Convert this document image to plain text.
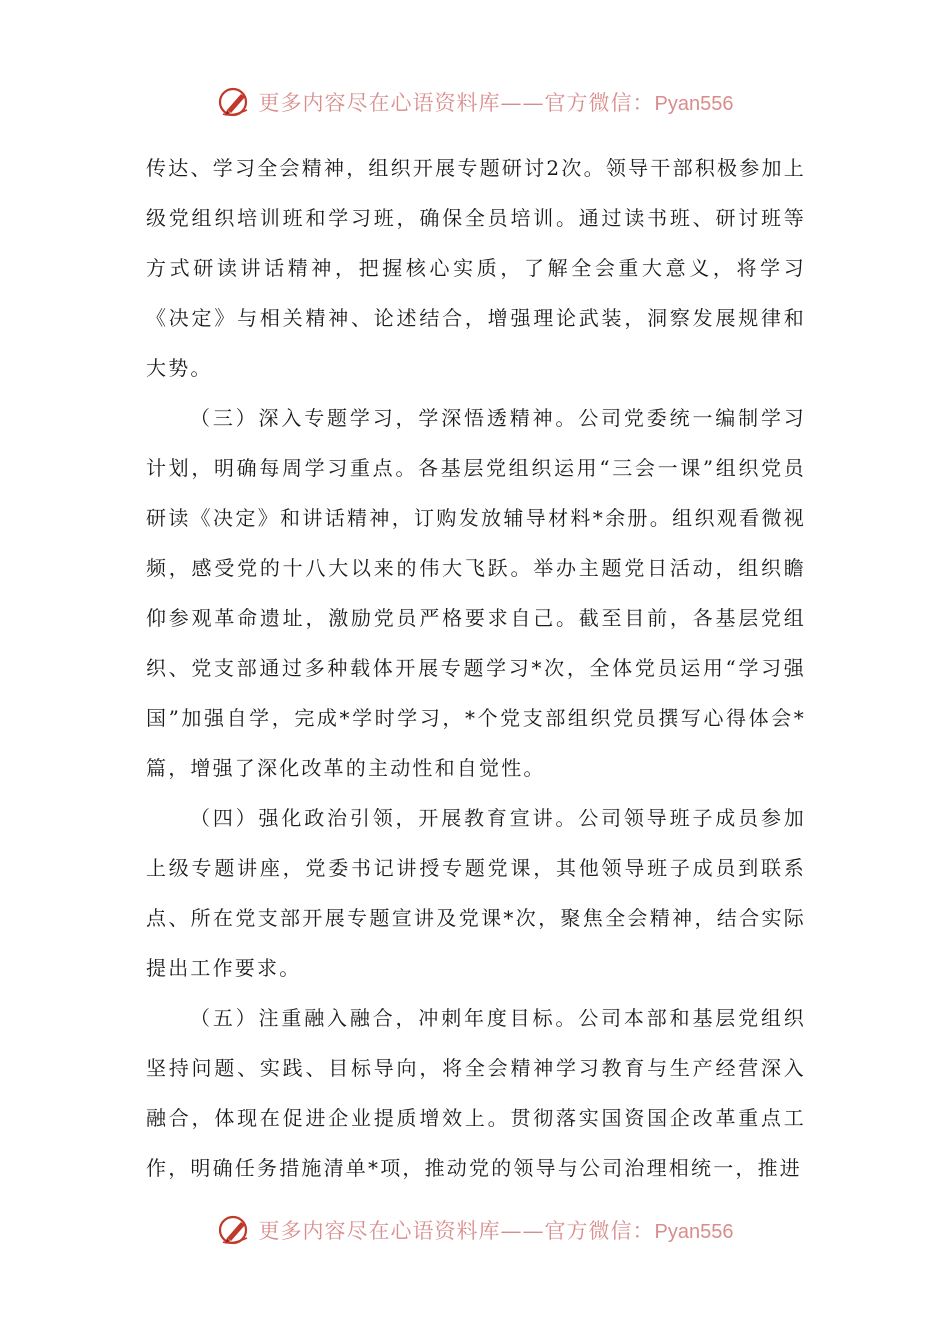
更多内容尽在心语资料库——官方微信：Pyan556

传达、学习全会精神，组织开展专题研讨2次。领导干部积极参加上级党组织培训班和学习班，确保全员培训。通过读书班、研讨班等方式研读讲话精神，把握核心实质，了解全会重大意义，将学习《决定》与相关精神、论述结合，增强理论武装，洞察发展规律和大势。

（三）深入专题学习，学深悟透精神。公司党委统一编制学习计划，明确每周学习重点。各基层党组织运用“三会一课”组织党员研读《决定》和讲话精神，订购发放辅导材料*余册。组织观看微视频，感受党的十八大以来的伟大飞跃。举办主题党日活动，组织瞻仰参观革命遗址，激励党员严格要求自己。截至目前，各基层党组织、党支部通过多种载体开展专题学习*次，全体党员运用“学习强国”加强自学，完成*学时学习，*个党支部组织党员撰写心得体会*篇，增强了深化改革的主动性和自觉性。

（四）强化政治引领，开展教育宣讲。公司领导班子成员参加上级专题讲座，党委书记讲授专题党课，其他领导班子成员到联系点、所在党支部开展专题宣讲及党课*次，聚焦全会精神，结合实际提出工作要求。

（五）注重融入融合，冲刺年度目标。公司本部和基层党组织坚持问题、实践、目标导向，将全会精神学习教育与生产经营深入融合，体现在促进企业提质增效上。贯彻落实国资国企改革重点工作，明确任务措施清单*项，推动党的领导与公司治理相统一，推进

更多内容尽在心语资料库——官方微信：Pyan556
